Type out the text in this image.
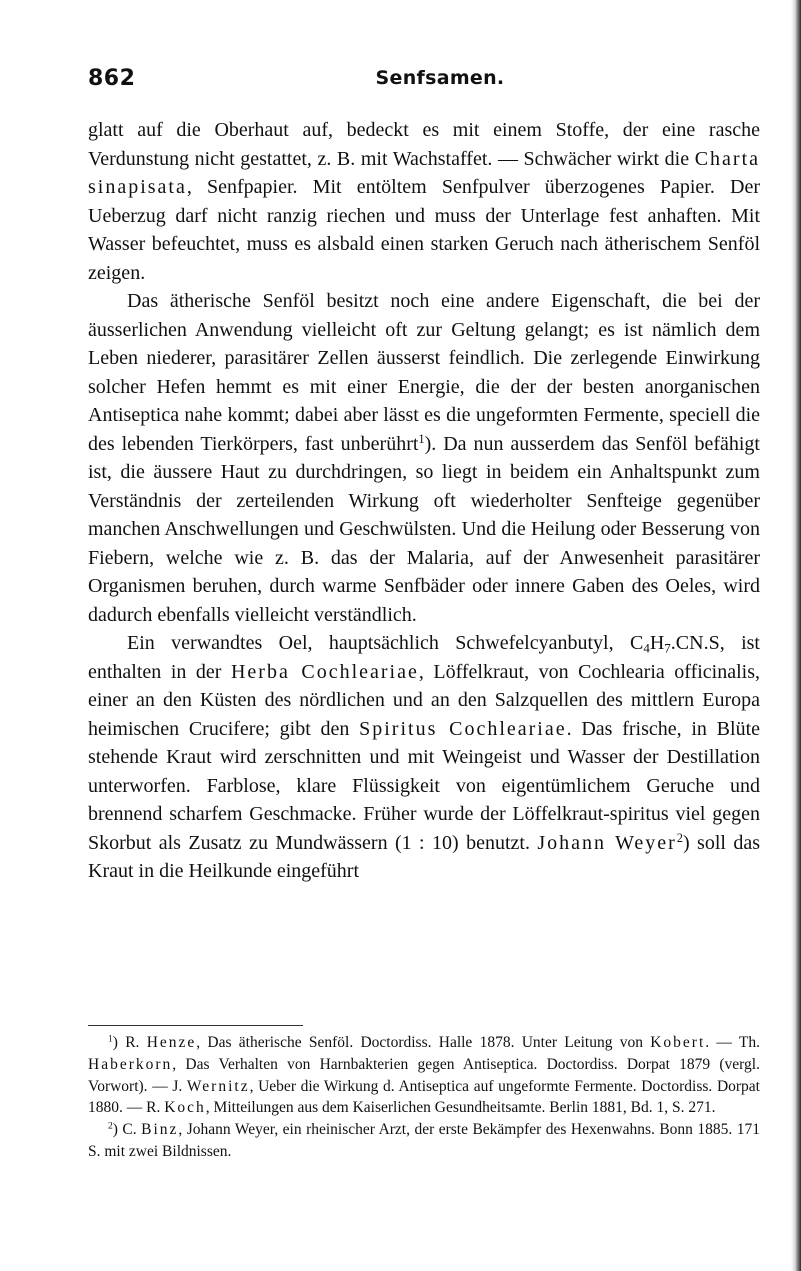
862	Senfsamen.

glatt auf die Oberhaut auf, bedeckt es mit einem Stoffe, der eine rasche Verdunstung nicht gestattet, z. B. mit Wachstaffet. — Schwächer wirkt die Charta sinapisata, Senfpapier. Mit entöltem Senfpulver überzogenes Papier. Der Ueberzug darf nicht ranzig riechen und muss der Unterlage fest anhaften. Mit Wasser befeuchtet, muss es alsbald einen starken Geruch nach ätherischem Senföl zeigen.

Das ätherische Senföl besitzt noch eine andere Eigenschaft, die bei der äusserlichen Anwendung vielleicht oft zur Geltung gelangt; es ist nämlich dem Leben niederer, parasitärer Zellen äusserst feindlich. Die zerlegende Einwirkung solcher Hefen hemmt es mit einer Energie, die der der besten anorganischen Antiseptica nahe kommt; dabei aber lässt es die ungeformten Fermente, speciell die des lebenden Tierkörpers, fast unberührt$^1$). Da nun ausserdem das Senföl befähigt ist, die äussere Haut zu durchdringen, so liegt in beidem ein Anhaltspunkt zum Verständnis der zerteilenden Wirkung oft wiederholter Senfteige gegenüber manchen Anschwellungen und Geschwülsten. Und die Heilung oder Besserung von Fiebern, welche wie z. B. das der Malaria, auf der Anwesenheit parasitärer Organismen beruhen, durch warme Senfbäder oder innere Gaben des Oeles, wird dadurch ebenfalls vielleicht verständlich.

Ein verwandtes Oel, hauptsächlich Schwefelcyanbutyl, $C_4H_7.CN.S$, ist enthalten in der Herba Cochleariae, Löffelkraut, von Cochlearia officinalis, einer an den Küsten des nördlichen und an den Salzquellen des mittlern Europa heimischen Crucifere; gibt den Spiritus Cochleariae. Das frische, in Blüte stehende Kraut wird zerschnitten und mit Weingeist und Wasser der Destillation unterworfen. Farblose, klare Flüssigkeit von eigentümlichem Geruche und brennend scharfem Geschmacke. Früher wurde der Löffelkraut-spiritus viel gegen Skorbut als Zusatz zu Mundwässern (1 : 10) benutzt. Johann Weyer$^2$) soll das Kraut in die Heilkunde eingeführt

$^1$) R. Henze, Das ätherische Senföl. Doctordiss. Halle 1878. Unter Leitung von Kobert. — Th. Haberkorn, Das Verhalten von Harnbakterien gegen Antiseptica. Doctordiss. Dorpat 1879 (vergl. Vorwort). — J. Wernitz, Ueber die Wirkung d. Antiseptica auf ungeformte Fermente. Doctordiss. Dorpat 1880. — R. Koch, Mitteilungen aus dem Kaiserlichen Gesundheitsamte. Berlin 1881, Bd. 1, S. 271.

$^2$) C. Binz, Johann Weyer, ein rheinischer Arzt, der erste Bekämpfer des Hexenwahns. Bonn 1885. 171 S. mit zwei Bildnissen.
